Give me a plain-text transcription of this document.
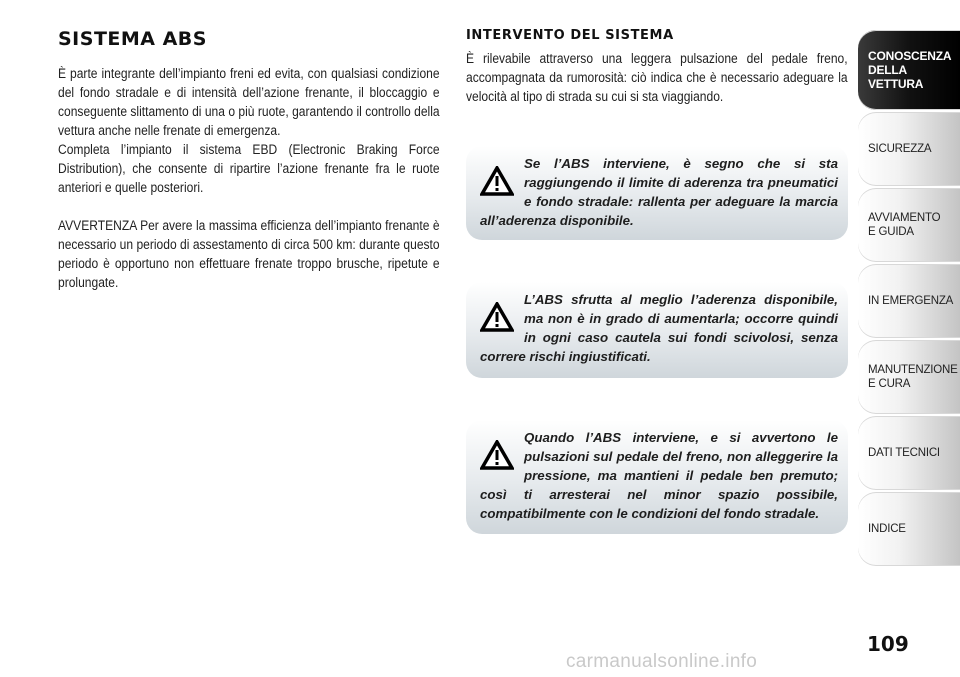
SISTEMA ABS

È parte integrante dell’impianto freni ed evita, con qualsiasi condizione del fondo stradale e di intensità dell’azione frenante, il bloccaggio e conseguente slittamento di una o più ruote, garantendo il controllo della vettura anche nelle frenate di emergenza.

Completa l’impianto il sistema EBD (Electronic Braking Force Distribution), che consente di ripartire l’azione frenante fra le ruote anteriori e quelle posteriori.

AVVERTENZA Per avere la massima efficienza dell’impianto frenante è necessario un periodo di assestamento di circa 500 km: durante questo periodo è opportuno non effettuare frenate troppo brusche, ripetute e prolungate.

INTERVENTO DEL SISTEMA

È rilevabile attraverso una leggera pulsazione del pedale freno, accompagnata da rumorosità: ciò indica che è necessario adeguare la velocità al tipo di strada su cui si sta viaggiando.

Se l’ABS interviene, è segno che si sta raggiungendo il limite di aderenza tra pneumatici e fondo stradale: rallenta per adeguare la marcia all’aderenza disponibile.
L’ABS sfrutta al meglio l’aderenza disponibile, ma non è in grado di aumentarla; occorre quindi in ogni caso cautela sui fondi scivolosi, senza correre rischi ingiustificati.
Quando l’ABS interviene, e si avvertono le pulsazioni sul pedale del freno, non alleggerire la pressione, ma mantieni il pedale ben premuto; così ti arresterai nel minor spazio possibile, compatibilmente con le condizioni del fondo stradale.
CONOSCENZA
DELLA
VETTURA
SICUREZZA
AVVIAMENTO
E GUIDA
IN EMERGENZA
MANUTENZIONE
E CURA
DATI TECNICI
INDICE
109
carmanualsonline.info
